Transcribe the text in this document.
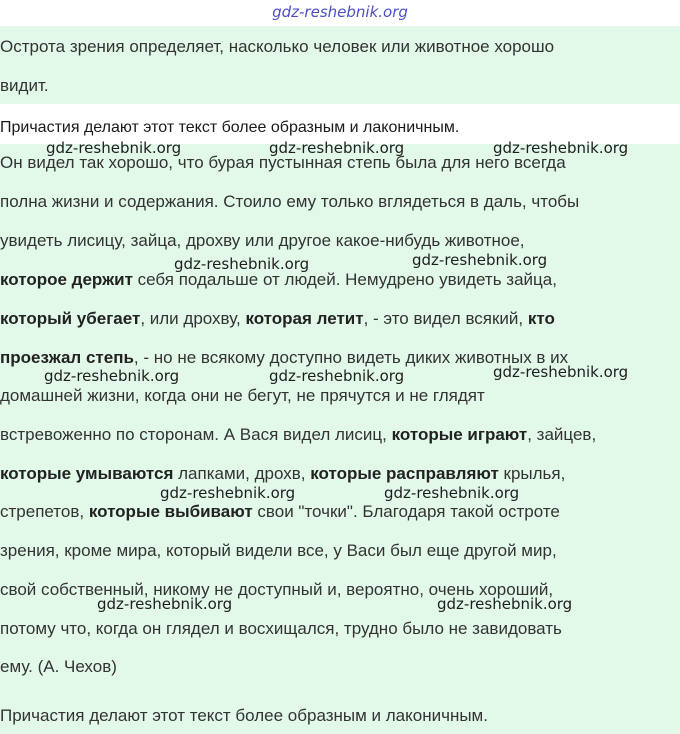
gdz-reshebnik.org
Острота зрения определяет, насколько человек или животное хорошо
видит.
Причастия делают этот текст более образным и лаконичным.
Он видел так хорошо, что бурая пустынная степь была для него всегда
полна жизни и содержания. Стоило ему только вглядеться в даль, чтобы
увидеть лисицу, зайца, дрохву или другое какое-нибудь животное,
которое держит себя подальше от людей. Немудрено увидеть зайца,
который убегает, или дрохву, которая летит, - это видел всякий, кто
проезжал степь, - но не всякому доступно видеть диких животных в их
домашней жизни, когда они не бегут, не прячутся и не глядят
встревоженно по сторонам. А Вася видел лисиц, которые играют, зайцев,
которые умываются лапками, дрохв, которые расправляют крылья,
стрепетов, которые выбивают свои "точки". Благодаря такой остроте
зрения, кроме мира, который видели все, у Васи был еще другой мир,
свой собственный, никому не доступный и, вероятно, очень хороший,
потому что, когда он глядел и восхищался, трудно было не завидовать
ему. (А. Чехов)
Причастия делают этот текст более образным и лаконичным.
gdz-reshebnik.org	gdz-reshebnik.org	gdz-reshebnik.org
gdz-reshebnik.org	gdz-reshebnik.org
gdz-reshebnik.org	gdz-reshebnik.org	gdz-reshebnik.org
gdz-reshebnik.org	gdz-reshebnik.org
gdz-reshebnik.org	gdz-reshebnik.org
